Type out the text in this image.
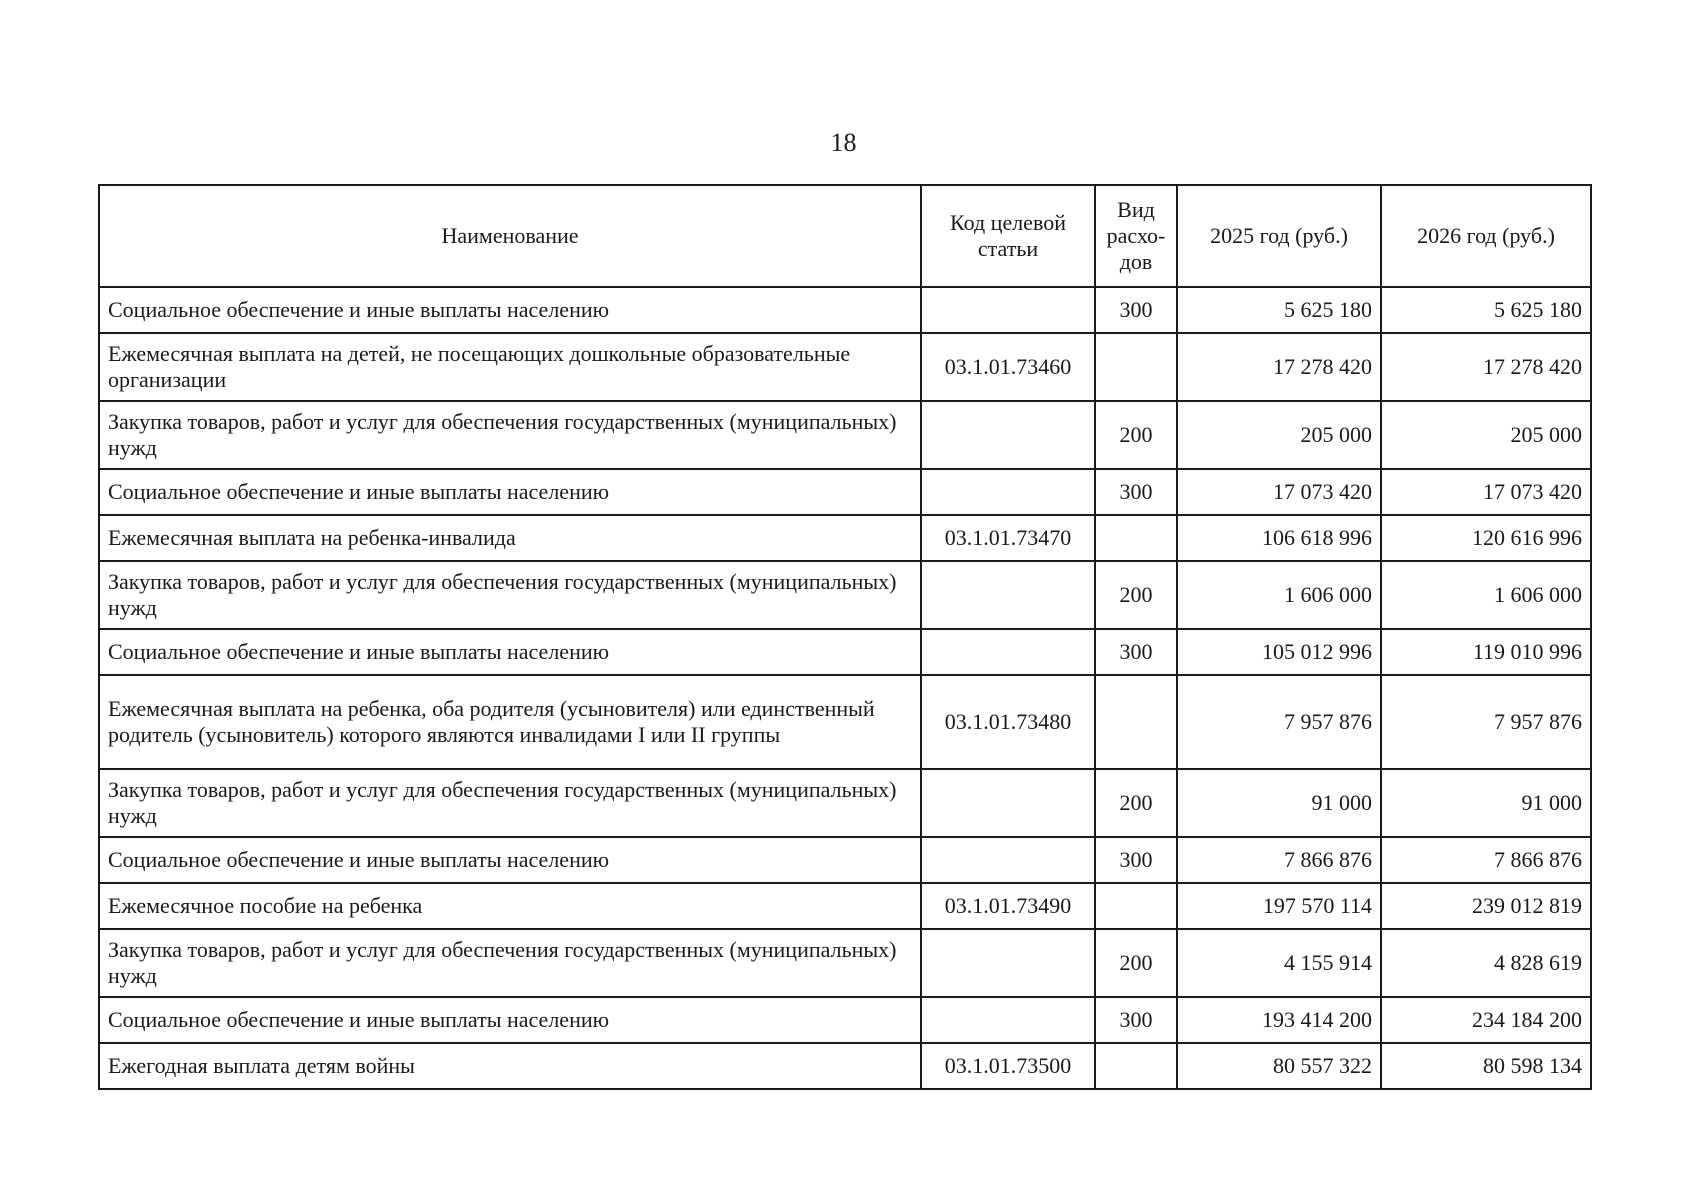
18
Наименование	Код целевой статьи	Вид расхо-дов	2025 год (руб.)	2026 год (руб.)
Социальное обеспечение и иные выплаты населению		300	5 625 180	5 625 180
Ежемесячная выплата на детей, не посещающих дошкольные образовательные организации	03.1.01.73460		17 278 420	17 278 420
Закупка товаров, работ и услуг для обеспечения государственных (муниципальных) нужд		200	205 000	205 000
Социальное обеспечение и иные выплаты населению		300	17 073 420	17 073 420
Ежемесячная выплата на ребенка-инвалида	03.1.01.73470		106 618 996	120 616 996
Закупка товаров, работ и услуг для обеспечения государственных (муниципальных) нужд		200	1 606 000	1 606 000
Социальное обеспечение и иные выплаты населению		300	105 012 996	119 010 996
Ежемесячная выплата на ребенка, оба родителя (усыновителя) или единственный родитель (усыновитель) которого являются инвалидами I или II группы	03.1.01.73480		7 957 876	7 957 876
Закупка товаров, работ и услуг для обеспечения государственных (муниципальных) нужд		200	91 000	91 000
Социальное обеспечение и иные выплаты населению		300	7 866 876	7 866 876
Ежемесячное пособие на ребенка	03.1.01.73490		197 570 114	239 012 819
Закупка товаров, работ и услуг для обеспечения государственных (муниципальных) нужд		200	4 155 914	4 828 619
Социальное обеспечение и иные выплаты населению		300	193 414 200	234 184 200
Ежегодная выплата детям войны	03.1.01.73500		80 557 322	80 598 134
